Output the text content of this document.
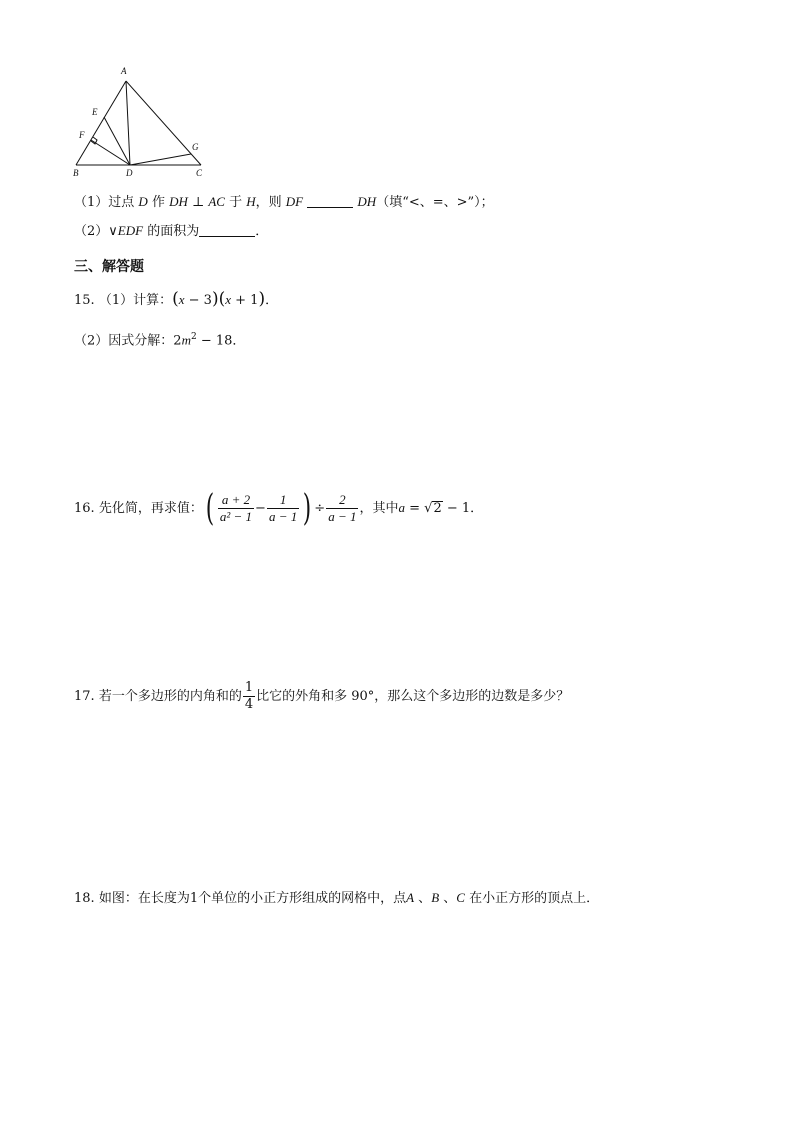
A
E
F
G
B	D	C
（1）过点 D 作 DH ⊥ AC 于 H，则 DF	DH（填“<、=、>”）；
（2）∨EDF 的面积为	．
三、解答题
15. （1）计算：(x − 3)(x + 1)．
（2）因式分解：$2m^2 - 18$．
16. 先化简，再求值：( $\frac{a + 2}{\text{a² − 1}} - \frac{1}{a - 1}$ ) ÷ $\frac{2}{a - 1}$ ，其中a = √2 − 1．
17. 若一个多边形的内角和的 $\frac{1}{4}$ 比它的外角和多 90°，那么这个多边形的边数是多少？
18. 如图：在长度为1个单位的小正方形组成的网格中，点A 、B 、C 在小正方形的顶点上．
